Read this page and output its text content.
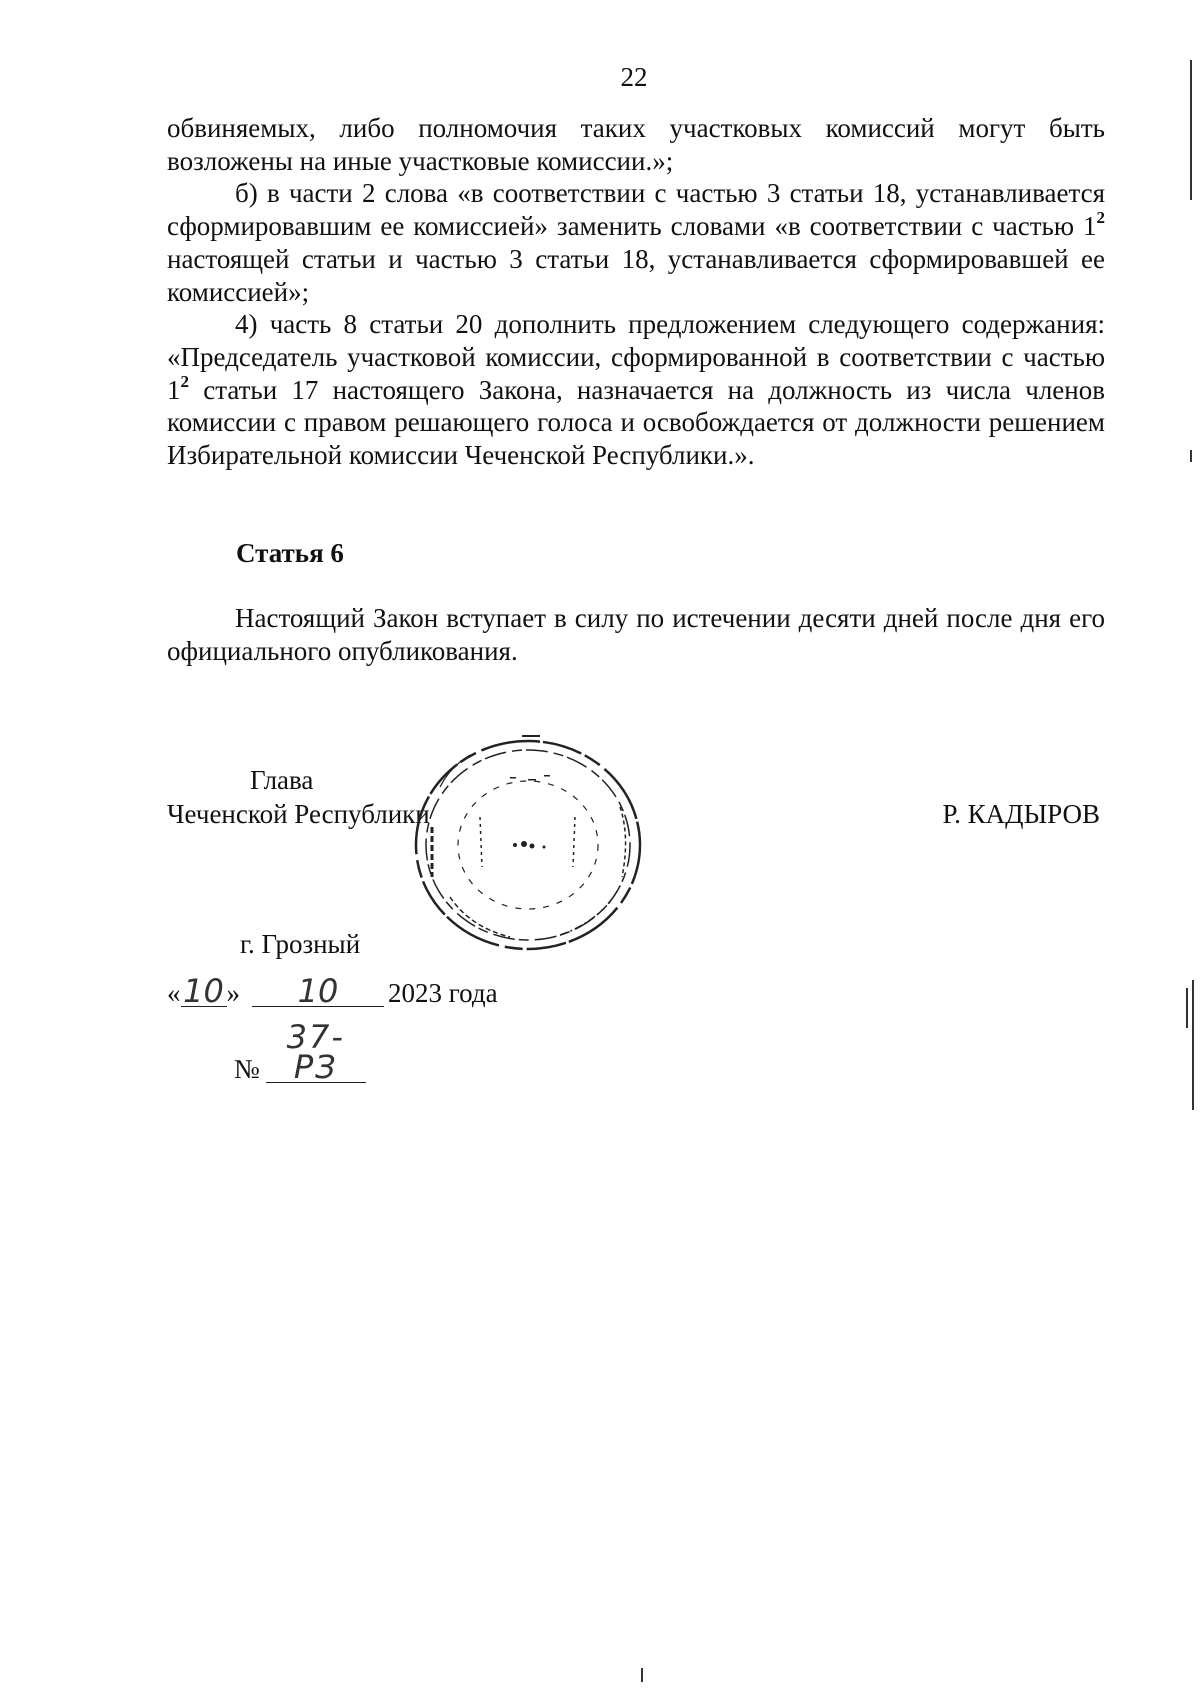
22

обвиняемых, либо полномочия таких участковых комиссий могут быть возложены на иные участковые комиссии.»;

б) в части 2 слова «в соответствии с частью 3 статьи 18, устанавливается сформировавшим ее комиссией» заменить словами «в соответствии с частью $1^2$ настоящей статьи и частью 3 статьи 18, устанавливается сформировавшей ее комиссией»;

4) часть 8 статьи 20 дополнить предложением следующего содержания: «Председатель участковой комиссии, сформированной в соответствии с частью $1^2$ статьи 17 настоящего Закона, назначается на должность из числа членов комиссии с правом решающего голоса и освобождается от должности решением Избирательной комиссии Чеченской Республики.».

Статья 6

Настоящий Закон вступает в силу по истечении десяти дней после дня его официального опубликования.

Глава
Чеченской Республики	Р. КАДЫРОВ
г. Грозный
«10» 10 2023 года
№37-РЗ
